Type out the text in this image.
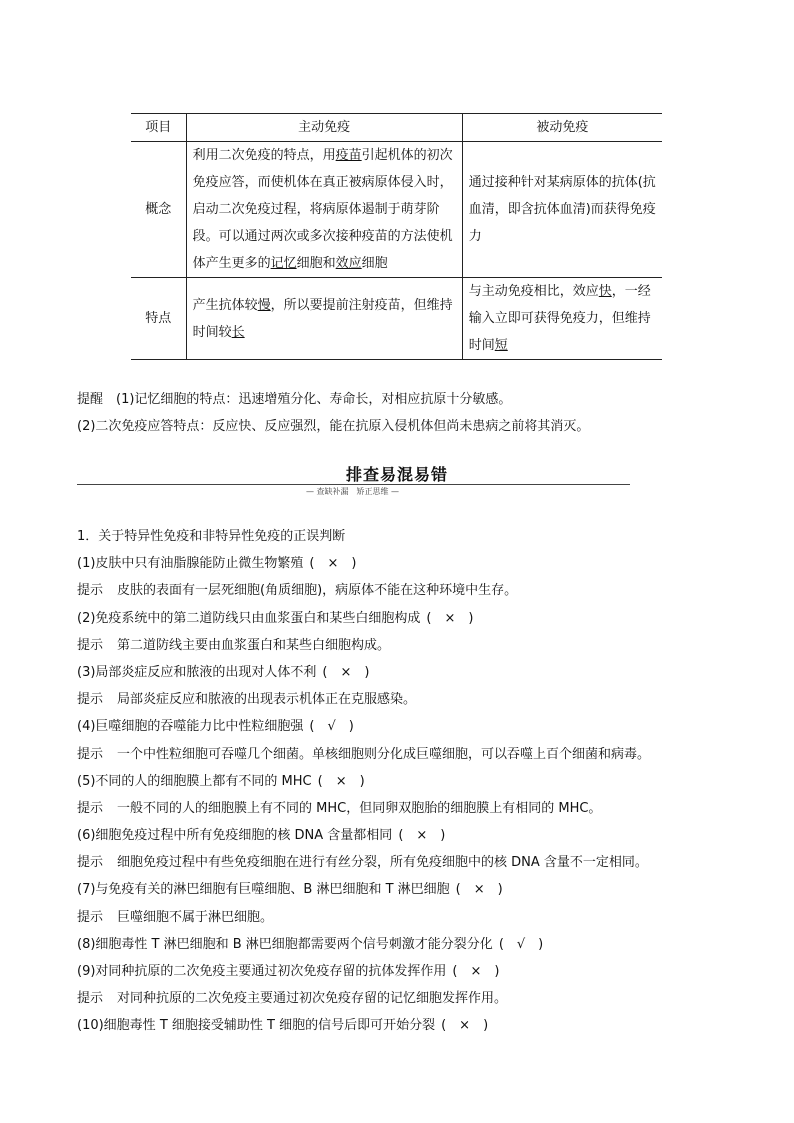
项目	主动免疫	被动免疫
概念	利用二次免疫的特点，用疫苗引起机体的初次免疫应答，而使机体在真正被病原体侵入时，启动二次免疫过程，将病原体遏制于萌芽阶段。可以通过两次或多次接种疫苗的方法使机体产生更多的记忆细胞和效应细胞	通过接种针对某病原体的抗体(抗血清，即含抗体血清)而获得免疫力
特点	产生抗体较慢，所以要提前注射疫苗，但维持时间较长	与主动免疫相比，效应快，一经输入立即可获得免疫力，但维持时间短
提醒　(1)记忆细胞的特点：迅速增殖分化、寿命长，对相应抗原十分敏感。
(2)二次免疫应答特点：反应快、反应强烈，能在抗原入侵机体但尚未患病之前将其消灭。
排查易混易错
— 查缺补漏　矫正思维 —
1．关于特异性免疫和非特异性免疫的正误判断
(1)皮肤中只有油脂腺能防止微生物繁殖 (　×　)
提示 皮肤的表面有一层死细胞(角质细胞)，病原体不能在这种环境中生存。
(2)免疫系统中的第二道防线只由血浆蛋白和某些白细胞构成 (　×　)
提示 第二道防线主要由血浆蛋白和某些白细胞构成。
(3)局部炎症反应和脓液的出现对人体不利 (　×　)
提示 局部炎症反应和脓液的出现表示机体正在克服感染。
(4)巨噬细胞的吞噬能力比中性粒细胞强 (　√　)
提示 一个中性粒细胞可吞噬几个细菌。单核细胞则分化成巨噬细胞，可以吞噬上百个细菌和病毒。
(5)不同的人的细胞膜上都有不同的 MHC (　×　)
提示 一般不同的人的细胞膜上有不同的 MHC，但同卵双胞胎的细胞膜上有相同的 MHC。
(6)细胞免疫过程中所有免疫细胞的核 DNA 含量都相同 (　×　)
提示 细胞免疫过程中有些免疫细胞在进行有丝分裂，所有免疫细胞中的核 DNA 含量不一定相同。
(7)与免疫有关的淋巴细胞有巨噬细胞、B 淋巴细胞和 T 淋巴细胞 (　×　)
提示 巨噬细胞不属于淋巴细胞。
(8)细胞毒性 T 淋巴细胞和 B 淋巴细胞都需要两个信号刺激才能分裂分化 (　√　)
(9)对同种抗原的二次免疫主要通过初次免疫存留的抗体发挥作用 (　×　)
提示 对同种抗原的二次免疫主要通过初次免疫存留的记忆细胞发挥作用。
(10)细胞毒性 T 细胞接受辅助性 T 细胞的信号后即可开始分裂 (　×　)
